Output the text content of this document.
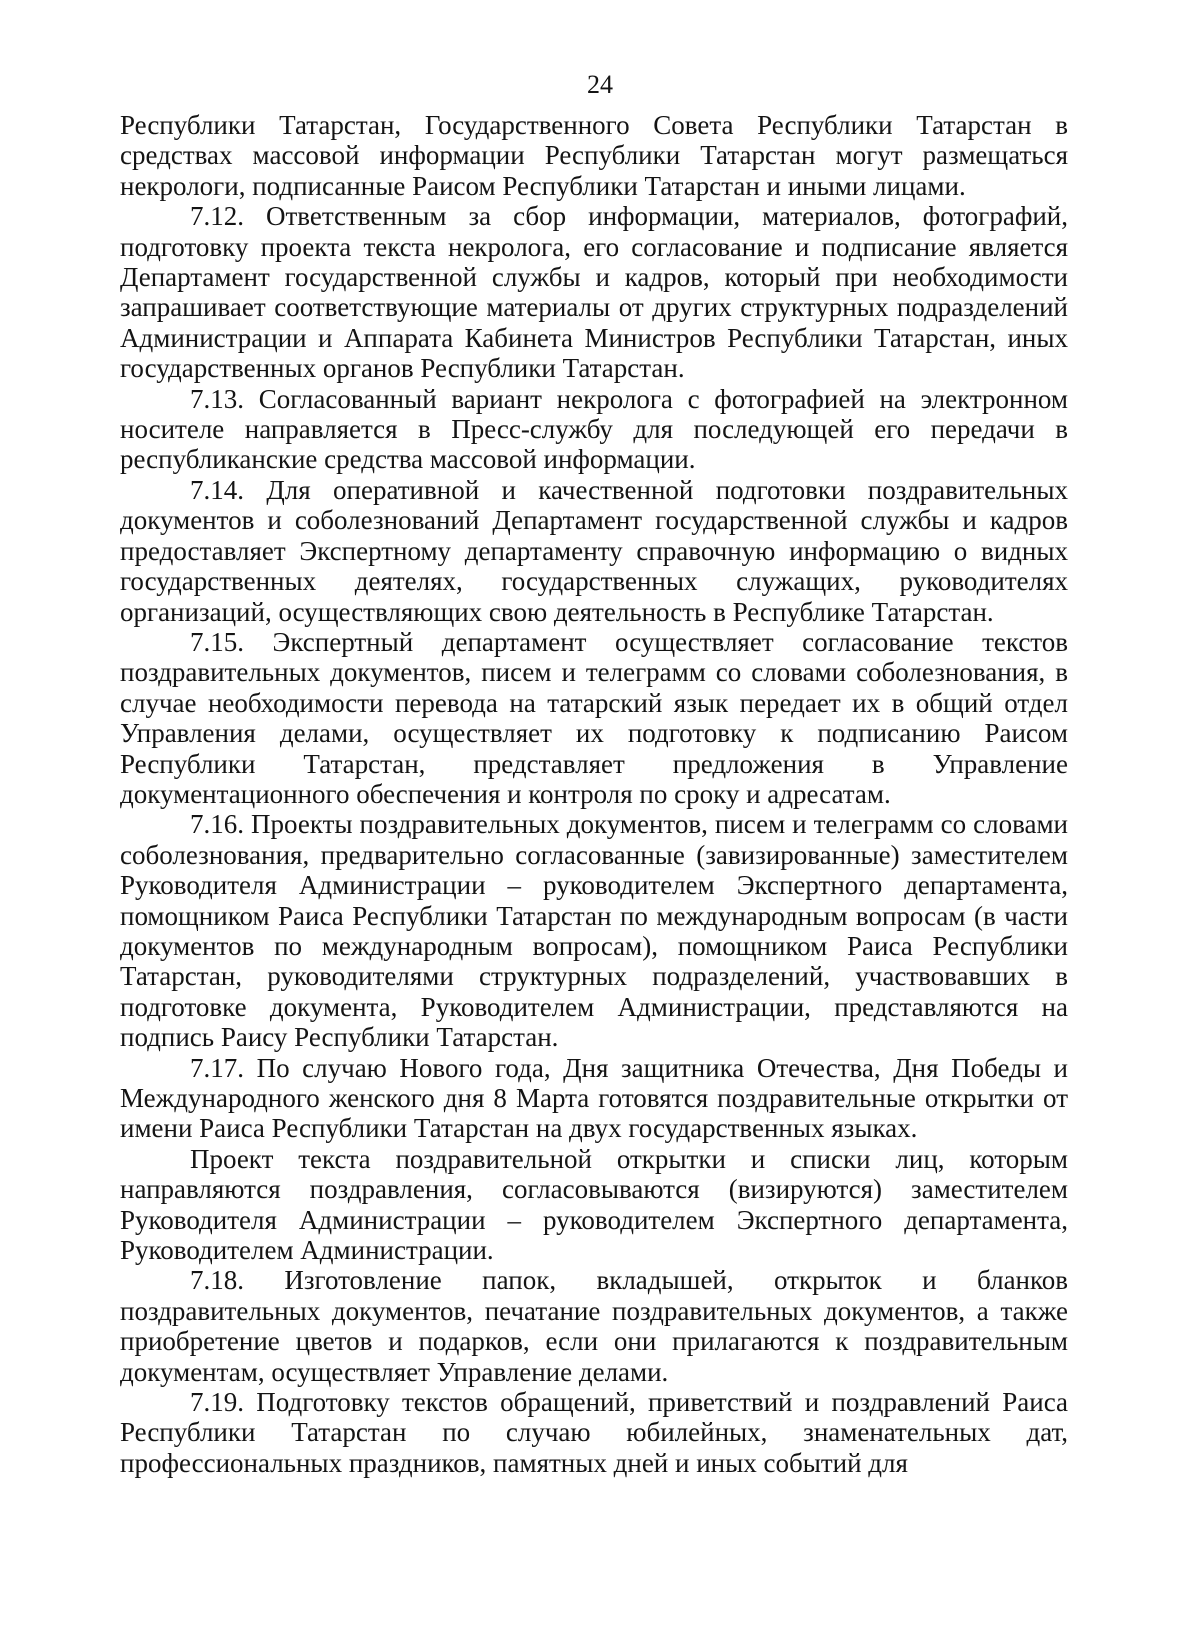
24

Республики Татарстан, Государственного Совета Республики Татарстан в средствах массовой информации Республики Татарстан могут размещаться некрологи, подписанные Раисом Республики Татарстан и иными лицами.

7.12. Ответственным за сбор информации, материалов, фотографий, подготовку проекта текста некролога, его согласование и подписание является Департамент государственной службы и кадров, который при необходимости запрашивает соответствующие материалы от других структурных подразделений Администрации и Аппарата Кабинета Министров Республики Татарстан, иных государственных органов Республики Татарстан.

7.13. Согласованный вариант некролога с фотографией на электронном носителе направляется в Пресс-службу для последующей его передачи в республиканские средства массовой информации.

7.14. Для оперативной и качественной подготовки поздравительных документов и соболезнований Департамент государственной службы и кадров предоставляет Экспертному департаменту справочную информацию о видных государственных деятелях, государственных служащих, руководителях организаций, осуществляющих свою деятельность в Республике Татарстан.

7.15. Экспертный департамент осуществляет согласование текстов поздравительных документов, писем и телеграмм со словами соболезнования, в случае необходимости перевода на татарский язык передает их в общий отдел Управления делами, осуществляет их подготовку к подписанию Раисом Республики Татарстан, представляет предложения в Управление документационного обеспечения и контроля по сроку и адресатам.

7.16. Проекты поздравительных документов, писем и телеграмм со словами соболезнования, предварительно согласованные (завизированные) заместителем Руководителя Администрации – руководителем Экспертного департамента, помощником Раиса Республики Татарстан по международным вопросам (в части документов по международным вопросам), помощником Раиса Республики Татарстан, руководителями структурных подразделений, участвовавших в подготовке документа, Руководителем Администрации, представляются на подпись Раису Республики Татарстан.

7.17. По случаю Нового года, Дня защитника Отечества, Дня Победы и Международного женского дня 8 Марта готовятся поздравительные открытки от имени Раиса Республики Татарстан на двух государственных языках.

Проект текста поздравительной открытки и списки лиц, которым направляются поздравления, согласовываются (визируются) заместителем Руководителя Администрации – руководителем Экспертного департамента, Руководителем Администрации.

7.18. Изготовление папок, вкладышей, открыток и бланков поздравительных документов, печатание поздравительных документов, а также приобретение цветов и подарков, если они прилагаются к поздравительным документам, осуществляет Управление делами.

7.19. Подготовку текстов обращений, приветствий и поздравлений Раиса Республики Татарстан по случаю юбилейных, знаменательных дат, профессиональных праздников, памятных дней и иных событий для
